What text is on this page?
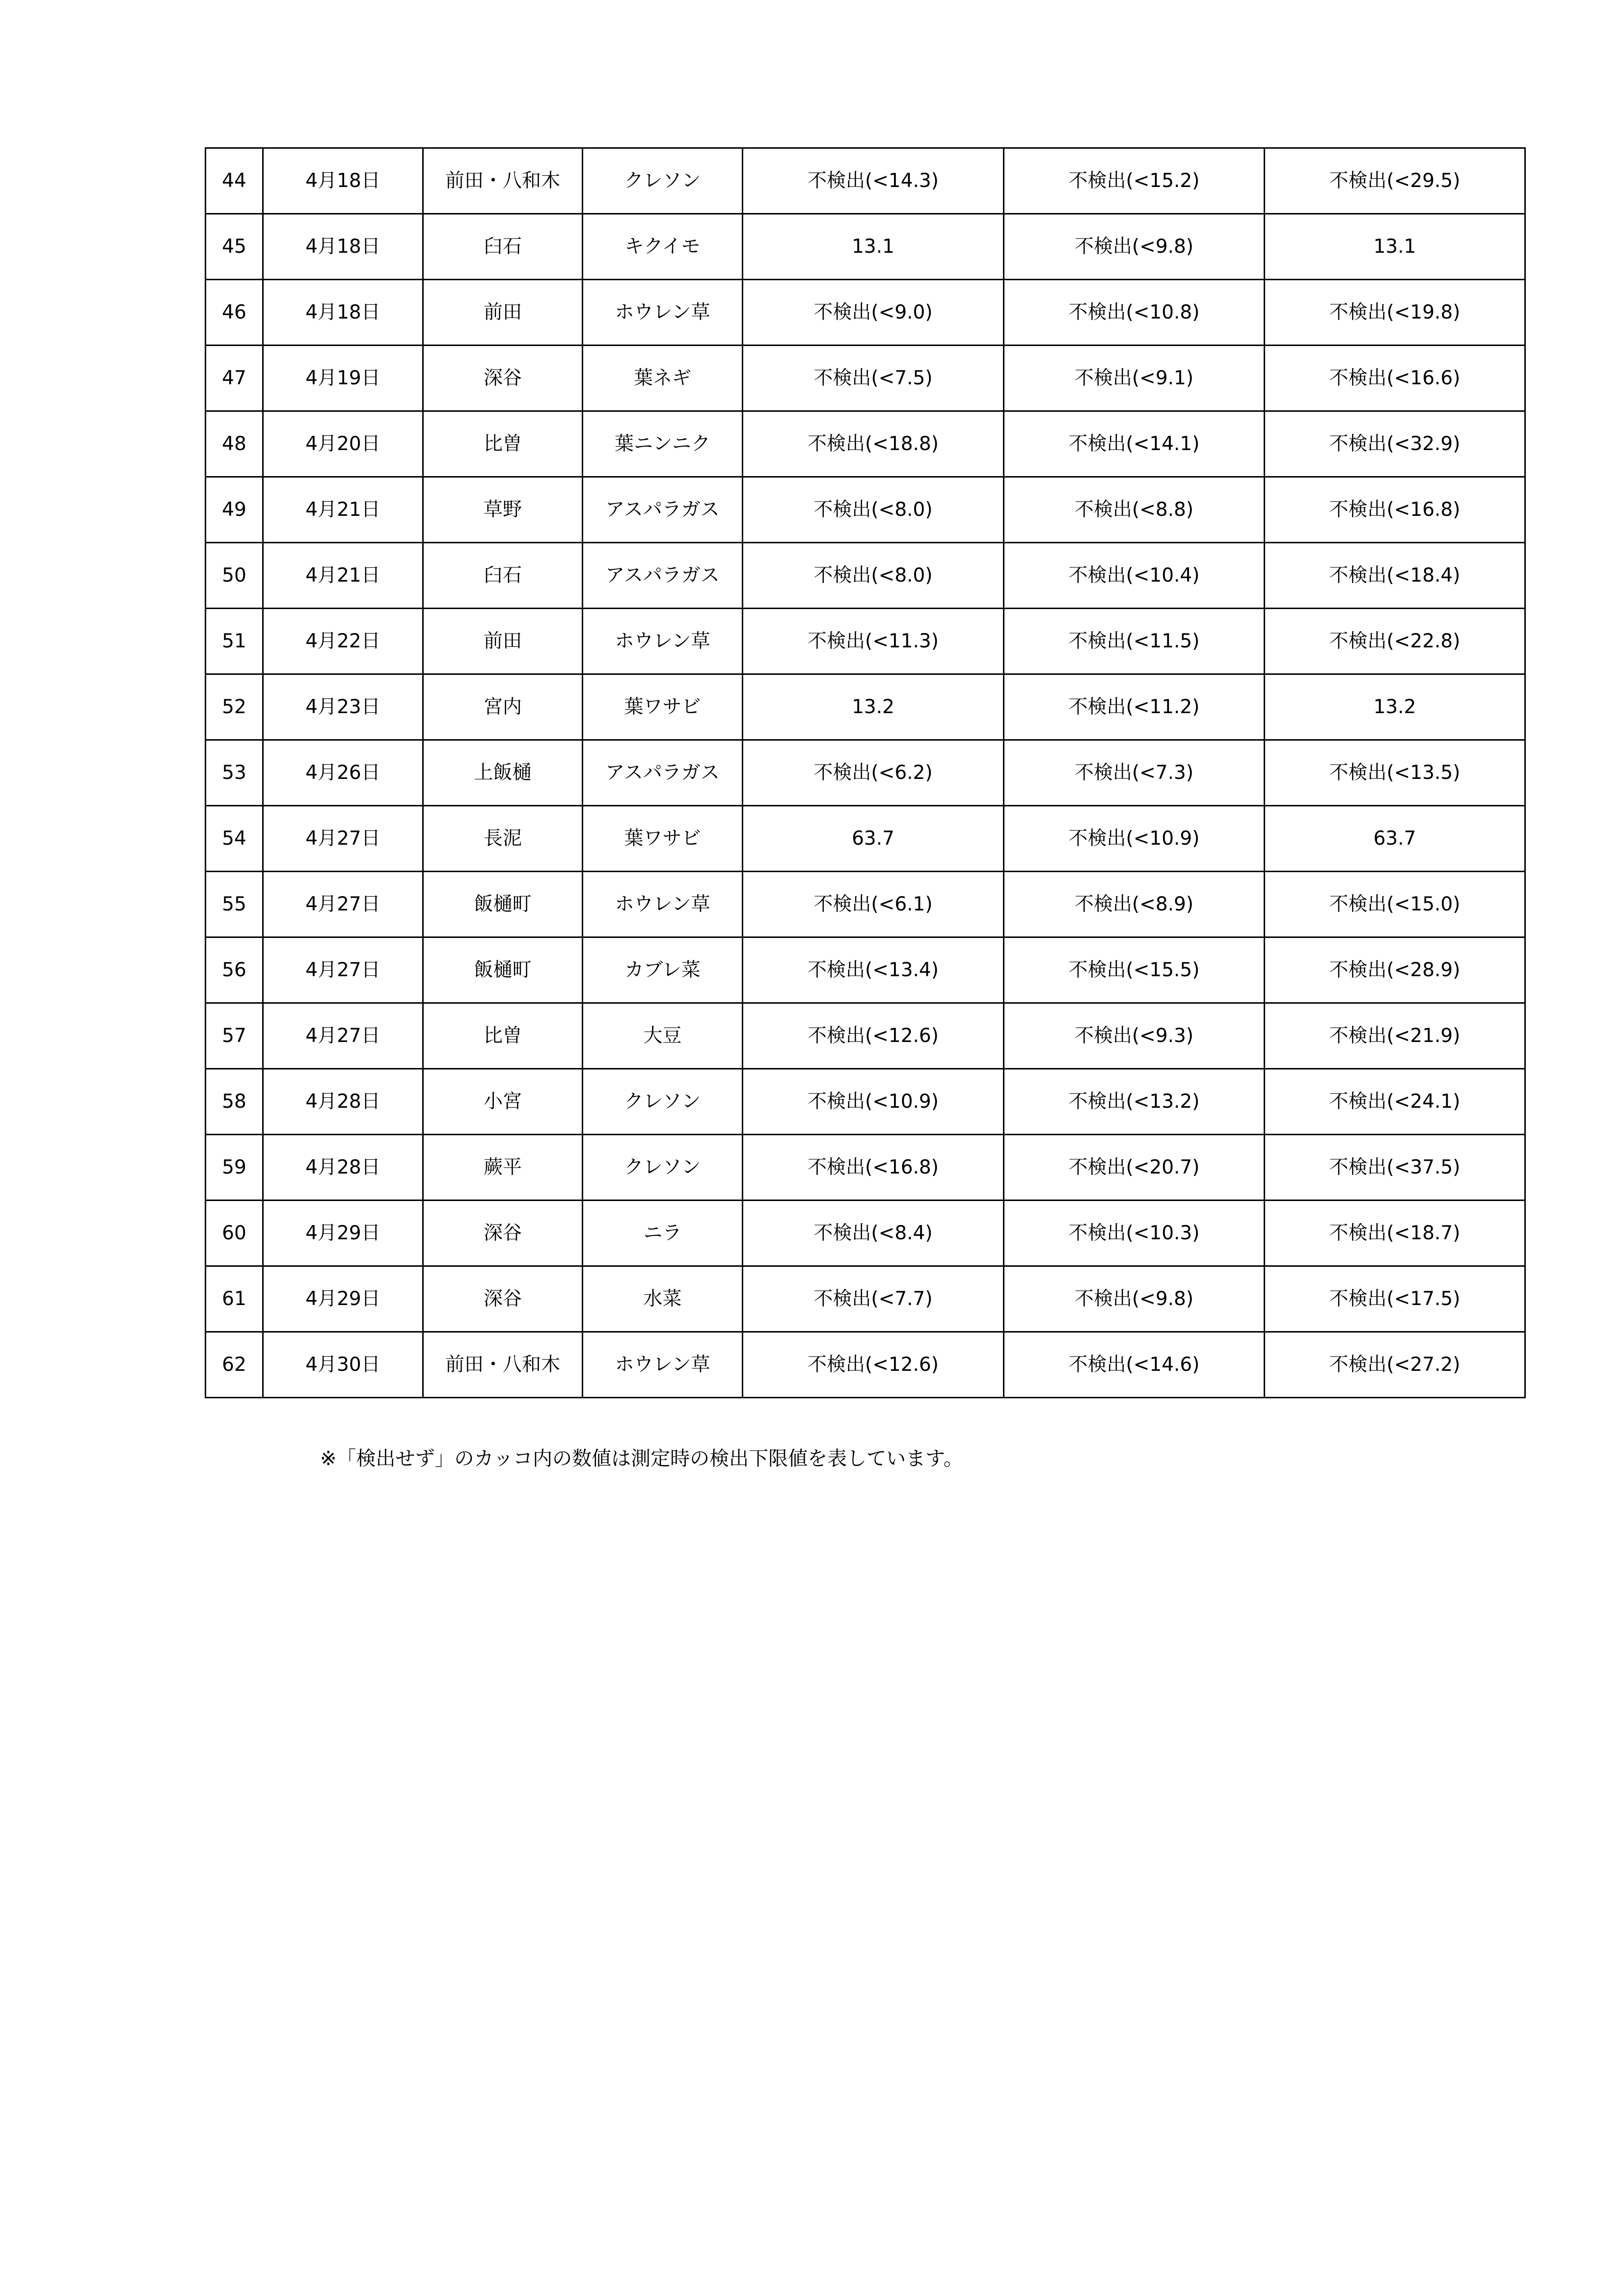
44	4月18日	前田・八和木	クレソン	不検出(<14.3)	不検出(<15.2)	不検出(<29.5)
45	4月18日	臼石	キクイモ	13.1	不検出(<9.8)	13.1
46	4月18日	前田	ホウレン草	不検出(<9.0)	不検出(<10.8)	不検出(<19.8)
47	4月19日	深谷	葉ネギ	不検出(<7.5)	不検出(<9.1)	不検出(<16.6)
48	4月20日	比曽	葉ニンニク	不検出(<18.8)	不検出(<14.1)	不検出(<32.9)
49	4月21日	草野	アスパラガス	不検出(<8.0)	不検出(<8.8)	不検出(<16.8)
50	4月21日	臼石	アスパラガス	不検出(<8.0)	不検出(<10.4)	不検出(<18.4)
51	4月22日	前田	ホウレン草	不検出(<11.3)	不検出(<11.5)	不検出(<22.8)
52	4月23日	宮内	葉ワサビ	13.2	不検出(<11.2)	13.2
53	4月26日	上飯樋	アスパラガス	不検出(<6.2)	不検出(<7.3)	不検出(<13.5)
54	4月27日	長泥	葉ワサビ	63.7	不検出(<10.9)	63.7
55	4月27日	飯樋町	ホウレン草	不検出(<6.1)	不検出(<8.9)	不検出(<15.0)
56	4月27日	飯樋町	カブレ菜	不検出(<13.4)	不検出(<15.5)	不検出(<28.9)
57	4月27日	比曽	大豆	不検出(<12.6)	不検出(<9.3)	不検出(<21.9)
58	4月28日	小宮	クレソン	不検出(<10.9)	不検出(<13.2)	不検出(<24.1)
59	4月28日	蕨平	クレソン	不検出(<16.8)	不検出(<20.7)	不検出(<37.5)
60	4月29日	深谷	ニラ	不検出(<8.4)	不検出(<10.3)	不検出(<18.7)
61	4月29日	深谷	水菜	不検出(<7.7)	不検出(<9.8)	不検出(<17.5)
62	4月30日	前田・八和木	ホウレン草	不検出(<12.6)	不検出(<14.6)	不検出(<27.2)
※「検出せず」のカッコ内の数値は測定時の検出下限値を表しています。
